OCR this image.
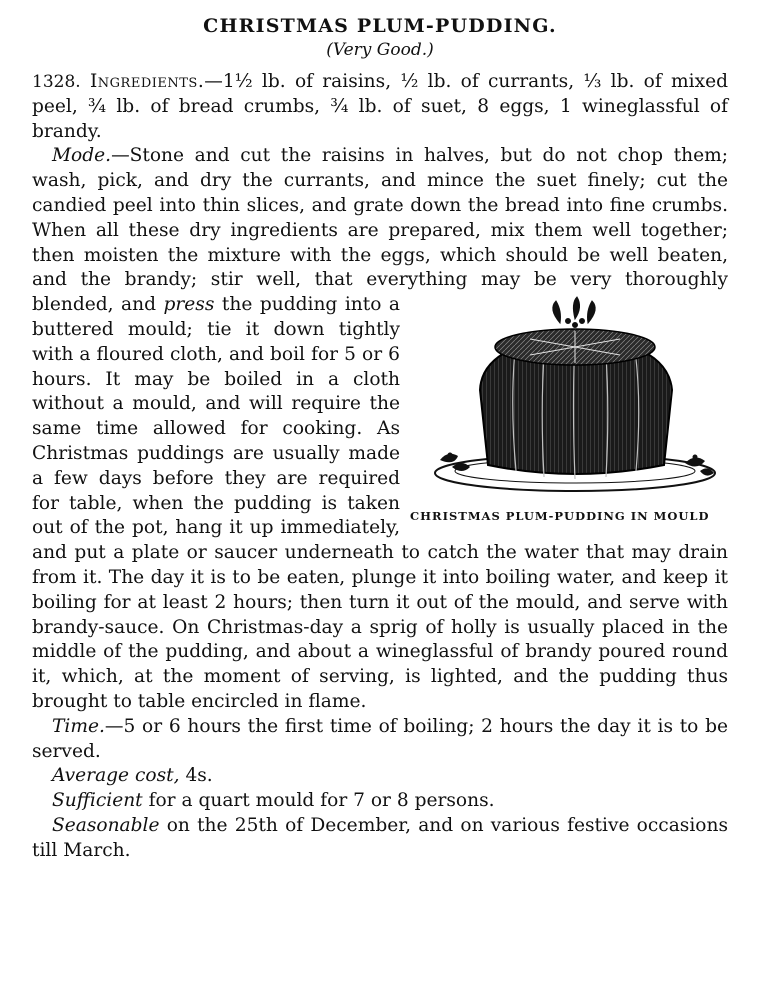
CHRISTMAS PLUM-PUDDING.
(Very Good.)

1328. Ingredients.—1½ lb. of raisins, ½ lb. of currants, ⅓ lb. of mixed peel, ¾ lb. of bread crumbs, ¾ lb. of suet, 8 eggs, 1 wineglassful of brandy.

Mode.—Stone and cut the raisins in halves, but do not chop them; wash, pick, and dry the currants, and mince the suet finely; cut the candied peel into thin slices, and grate down the bread into fine crumbs. When all these dry ingredients are prepared, mix them well together; then moisten the mixture with the eggs, which should be well beaten, and the brandy; stir well, that everything may be very thoroughly blended, and
CHRISTMAS PLUM-PUDDING IN MOULD
press the pudding into a buttered mould; tie it down tightly with a floured cloth, and boil for 5 or 6 hours. It may be boiled in a cloth without a mould, and will require the same time allowed for cooking. As Christmas puddings are usually made a few days before they are required for table, when the pudding is taken out of the pot, hang it up immediately, and put a plate or saucer underneath to catch the water that may drain from it. The day it is to be eaten, plunge it into boiling water, and keep it boiling for at least 2 hours; then turn it out of the mould, and serve with brandy-sauce. On Christmas-day a sprig of holly is usually placed in the middle of the pudding, and about a wineglassful of brandy poured round it, which, at the moment of serving, is lighted, and the pudding thus brought to table encircled in flame.

Time.—5 or 6 hours the first time of boiling; 2 hours the day it is to be served.

Average cost, 4s.

Sufficient for a quart mould for 7 or 8 persons.

Seasonable on the 25th of December, and on various festive occasions till March.
